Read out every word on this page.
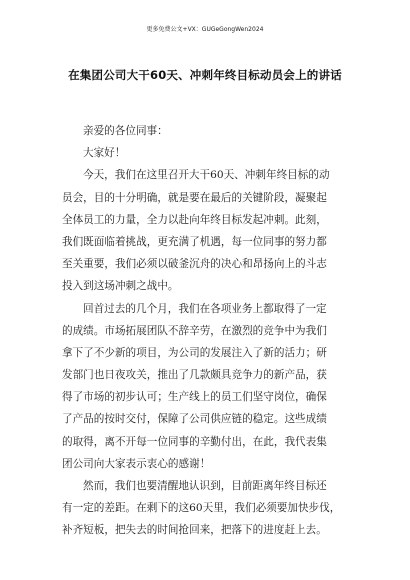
更多免费公文+VX：GUGeGongWen2024
在集团公司大干60天、冲刺年终目标动员会上的讲话
亲爱的各位同事：
大家好！
今天，我们在这里召开大干60天、冲刺年终目标的动
员会，目的十分明确，就是要在最后的关键阶段，凝聚起
全体员工的力量，全力以赴向年终目标发起冲刺。此刻，
我们既面临着挑战，更充满了机遇，每一位同事的努力都
至关重要，我们必须以破釜沉舟的决心和昂扬向上的斗志
投入到这场冲刺之战中。
回首过去的几个月，我们在各项业务上都取得了一定
的成绩。市场拓展团队不辞辛劳，在激烈的竞争中为我们
拿下了不少新的项目，为公司的发展注入了新的活力；研
发部门也日夜攻关，推出了几款颇具竞争力的新产品，获
得了市场的初步认可；生产线上的员工们坚守岗位，确保
了产品的按时交付，保障了公司供应链的稳定。这些成绩
的取得，离不开每一位同事的辛勤付出，在此，我代表集
团公司向大家表示衷心的感谢！
然而，我们也要清醒地认识到，目前距离年终目标还
有一定的差距。在剩下的这60天里，我们必须要加快步伐，
补齐短板，把失去的时间抢回来，把落下的进度赶上去。
